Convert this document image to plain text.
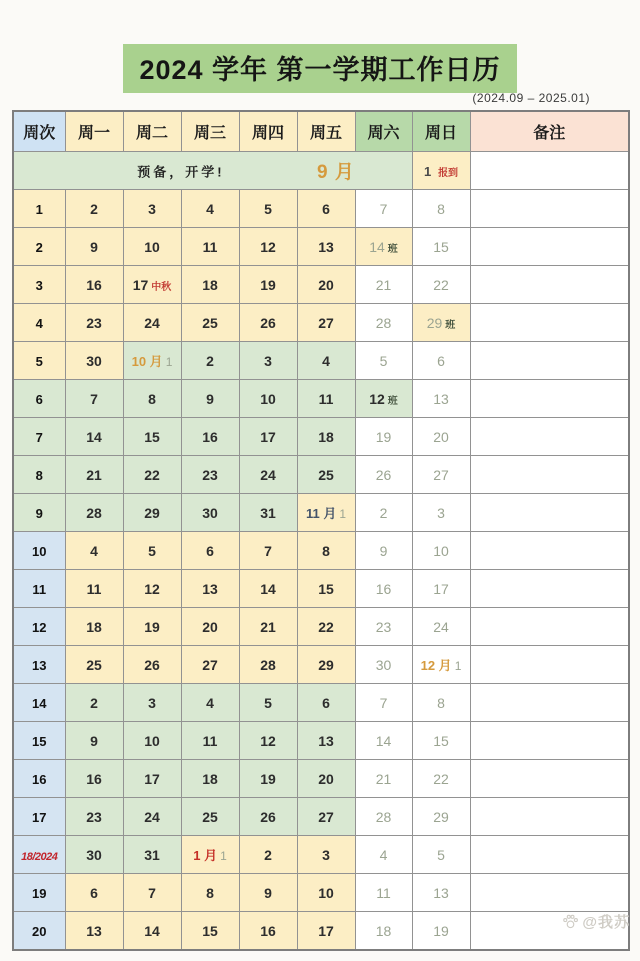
2024 学年 第一学期工作日历
(2024.09 – 2025.01)
周次	周一	周二	周三	周四	周五	周六	周日	备注

预备，开学! 9 月							1 报到	
1	2	3	4	5	6	7	8	
2	9	10	11	12	13	14 班	15	
3	16	17 中秋	18	19	20	21	22	
4	23	24	25	26	27	28	29 班	
5	30	10 月 1	2	3	4	5	6	
6	7	8	9	10	11	12 班	13	
7	14	15	16	17	18	19	20	
8	21	22	23	24	25	26	27	
9	28	29	30	31	11 月 1	2	3	
10	4	5	6	7	8	9	10	
11	11	12	13	14	15	16	17	
12	18	19	20	21	22	23	24	
13	25	26	27	28	29	30	12 月 1	
14	2	3	4	5	6	7	8	
15	9	10	11	12	13	14	15	
16	16	17	18	19	20	21	22	
17	23	24	25	26	27	28	29	
18/2024	30	31	1 月 1	2	3	4	5	
19	6	7	8	9	10	11	13	
20	13	14	15	16	17	18	19		@我苏
